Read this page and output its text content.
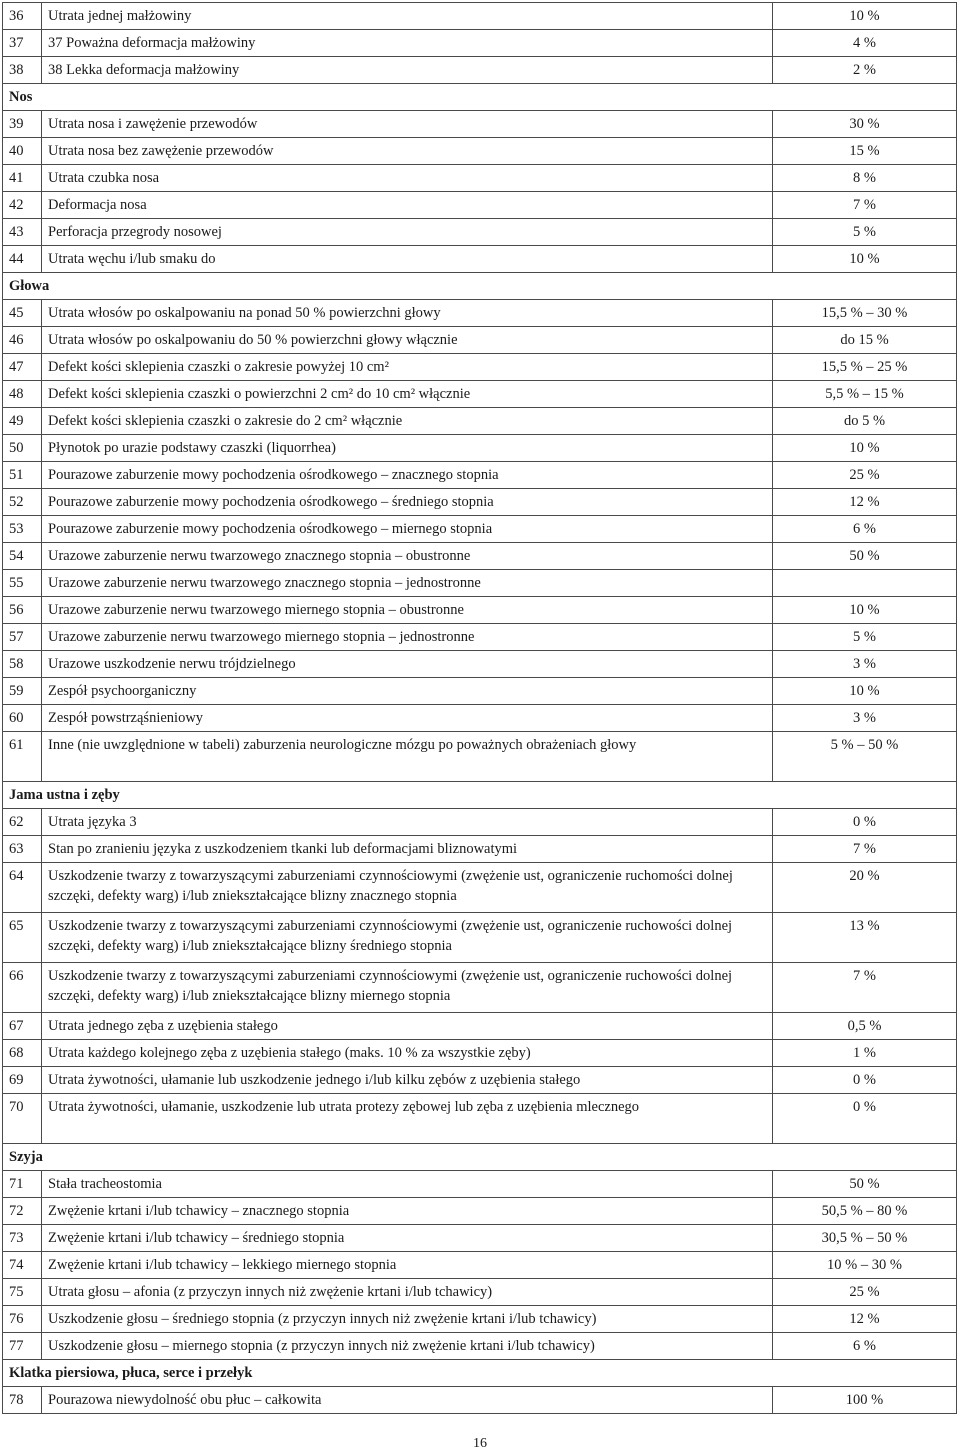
36	Utrata jednej małżowiny	10 %
37	37 Poważna deformacja małżowiny	4 %
38	38 Lekka deformacja małżowiny	2 %
Nos		
39	Utrata nosa i zawężenie przewodów	30 %
40	Utrata nosa bez zawężenie przewodów	15 %
41	Utrata czubka nosa	8 %
42	Deformacja nosa	7 %
43	Perforacja przegrody nosowej	5 %
44	Utrata węchu i/lub smaku do	10 %
Głowa		
45	Utrata włosów po oskalpowaniu na ponad 50 % powierzchni głowy	15,5 % – 30 %
46	Utrata włosów po oskalpowaniu do 50 % powierzchni głowy włącznie	do 15 %
47	Defekt kości sklepienia czaszki o zakresie powyżej 10 cm²	15,5 % – 25 %
48	Defekt kości sklepienia czaszki o powierzchni 2 cm² do 10 cm² włącznie	5,5 % – 15 %
49	Defekt kości sklepienia czaszki o zakresie do 2 cm² włącznie	do 5 %
50	Płynotok po urazie podstawy czaszki (liquorrhea)	10 %
51	Pourazowe zaburzenie mowy pochodzenia ośrodkowego – znacznego stopnia	25 %
52	Pourazowe zaburzenie mowy pochodzenia ośrodkowego – średniego stopnia	12 %
53	Pourazowe zaburzenie mowy pochodzenia ośrodkowego – miernego stopnia	6 %
54	Urazowe zaburzenie nerwu twarzowego znacznego stopnia – obustronne	50 %
55	Urazowe zaburzenie nerwu twarzowego znacznego stopnia – jednostronne	
56	Urazowe zaburzenie nerwu twarzowego miernego stopnia – obustronne	10 %
57	Urazowe zaburzenie nerwu twarzowego miernego stopnia – jednostronne	5 %
58	Urazowe uszkodzenie nerwu trójdzielnego	3 %
59	Zespół psychoorganiczny	10 %
60	Zespół powstrząśnieniowy	3 %
61	Inne (nie uwzględnione w tabeli) zaburzenia neurologiczne mózgu po poważnych obrażeniach głowy	5 % – 50 %
Jama ustna i zęby		
62	Utrata języka 3	0 %
63	Stan po zranieniu języka z uszkodzeniem tkanki lub deformacjami bliznowatymi	7 %
64	Uszkodzenie twarzy z towarzyszącymi zaburzeniami czynnościowymi (zwężenie ust, ograniczenie ruchomości dolnej szczęki, defekty warg) i/lub zniekształcające blizny znacznego stopnia	20 %
65	Uszkodzenie twarzy z towarzyszącymi zaburzeniami czynnościowymi (zwężenie ust, ograniczenie ruchowości dolnej szczęki, defekty warg) i/lub zniekształcające blizny średniego stopnia	13 %
66	Uszkodzenie twarzy z towarzyszącymi zaburzeniami czynnościowymi (zwężenie ust, ograniczenie ruchowości dolnej szczęki, defekty warg) i/lub zniekształcające blizny miernego stopnia	7 %
67	Utrata jednego zęba z uzębienia stałego	0,5 %
68	Utrata każdego kolejnego zęba z uzębienia stałego (maks. 10 % za wszystkie zęby)	1 %
69	Utrata żywotności, ułamanie lub uszkodzenie jednego i/lub kilku zębów z uzębienia stałego	0 %
70	Utrata żywotności, ułamanie, uszkodzenie lub utrata protezy zębowej lub zęba z uzębienia mlecznego	0 %
Szyja		
71	Stała tracheostomia	50 %
72	Zwężenie krtani i/lub tchawicy – znacznego stopnia	50,5 % – 80 %
73	Zwężenie krtani i/lub tchawicy – średniego stopnia	30,5 % – 50 %
74	Zwężenie krtani i/lub tchawicy – lekkiego miernego stopnia	10 % – 30 %
75	Utrata głosu – afonia (z przyczyn innych niż zwężenie krtani i/lub tchawicy)	25 %
76	Uszkodzenie głosu – średniego stopnia (z przyczyn innych niż zwężenie krtani i/lub tchawicy)	12 %
77	Uszkodzenie głosu – miernego stopnia (z przyczyn innych niż zwężenie krtani i/lub tchawicy)	6 %
Klatka piersiowa, płuca, serce i przełyk		
78	Pourazowa niewydolność obu płuc – całkowita	100 %
16
